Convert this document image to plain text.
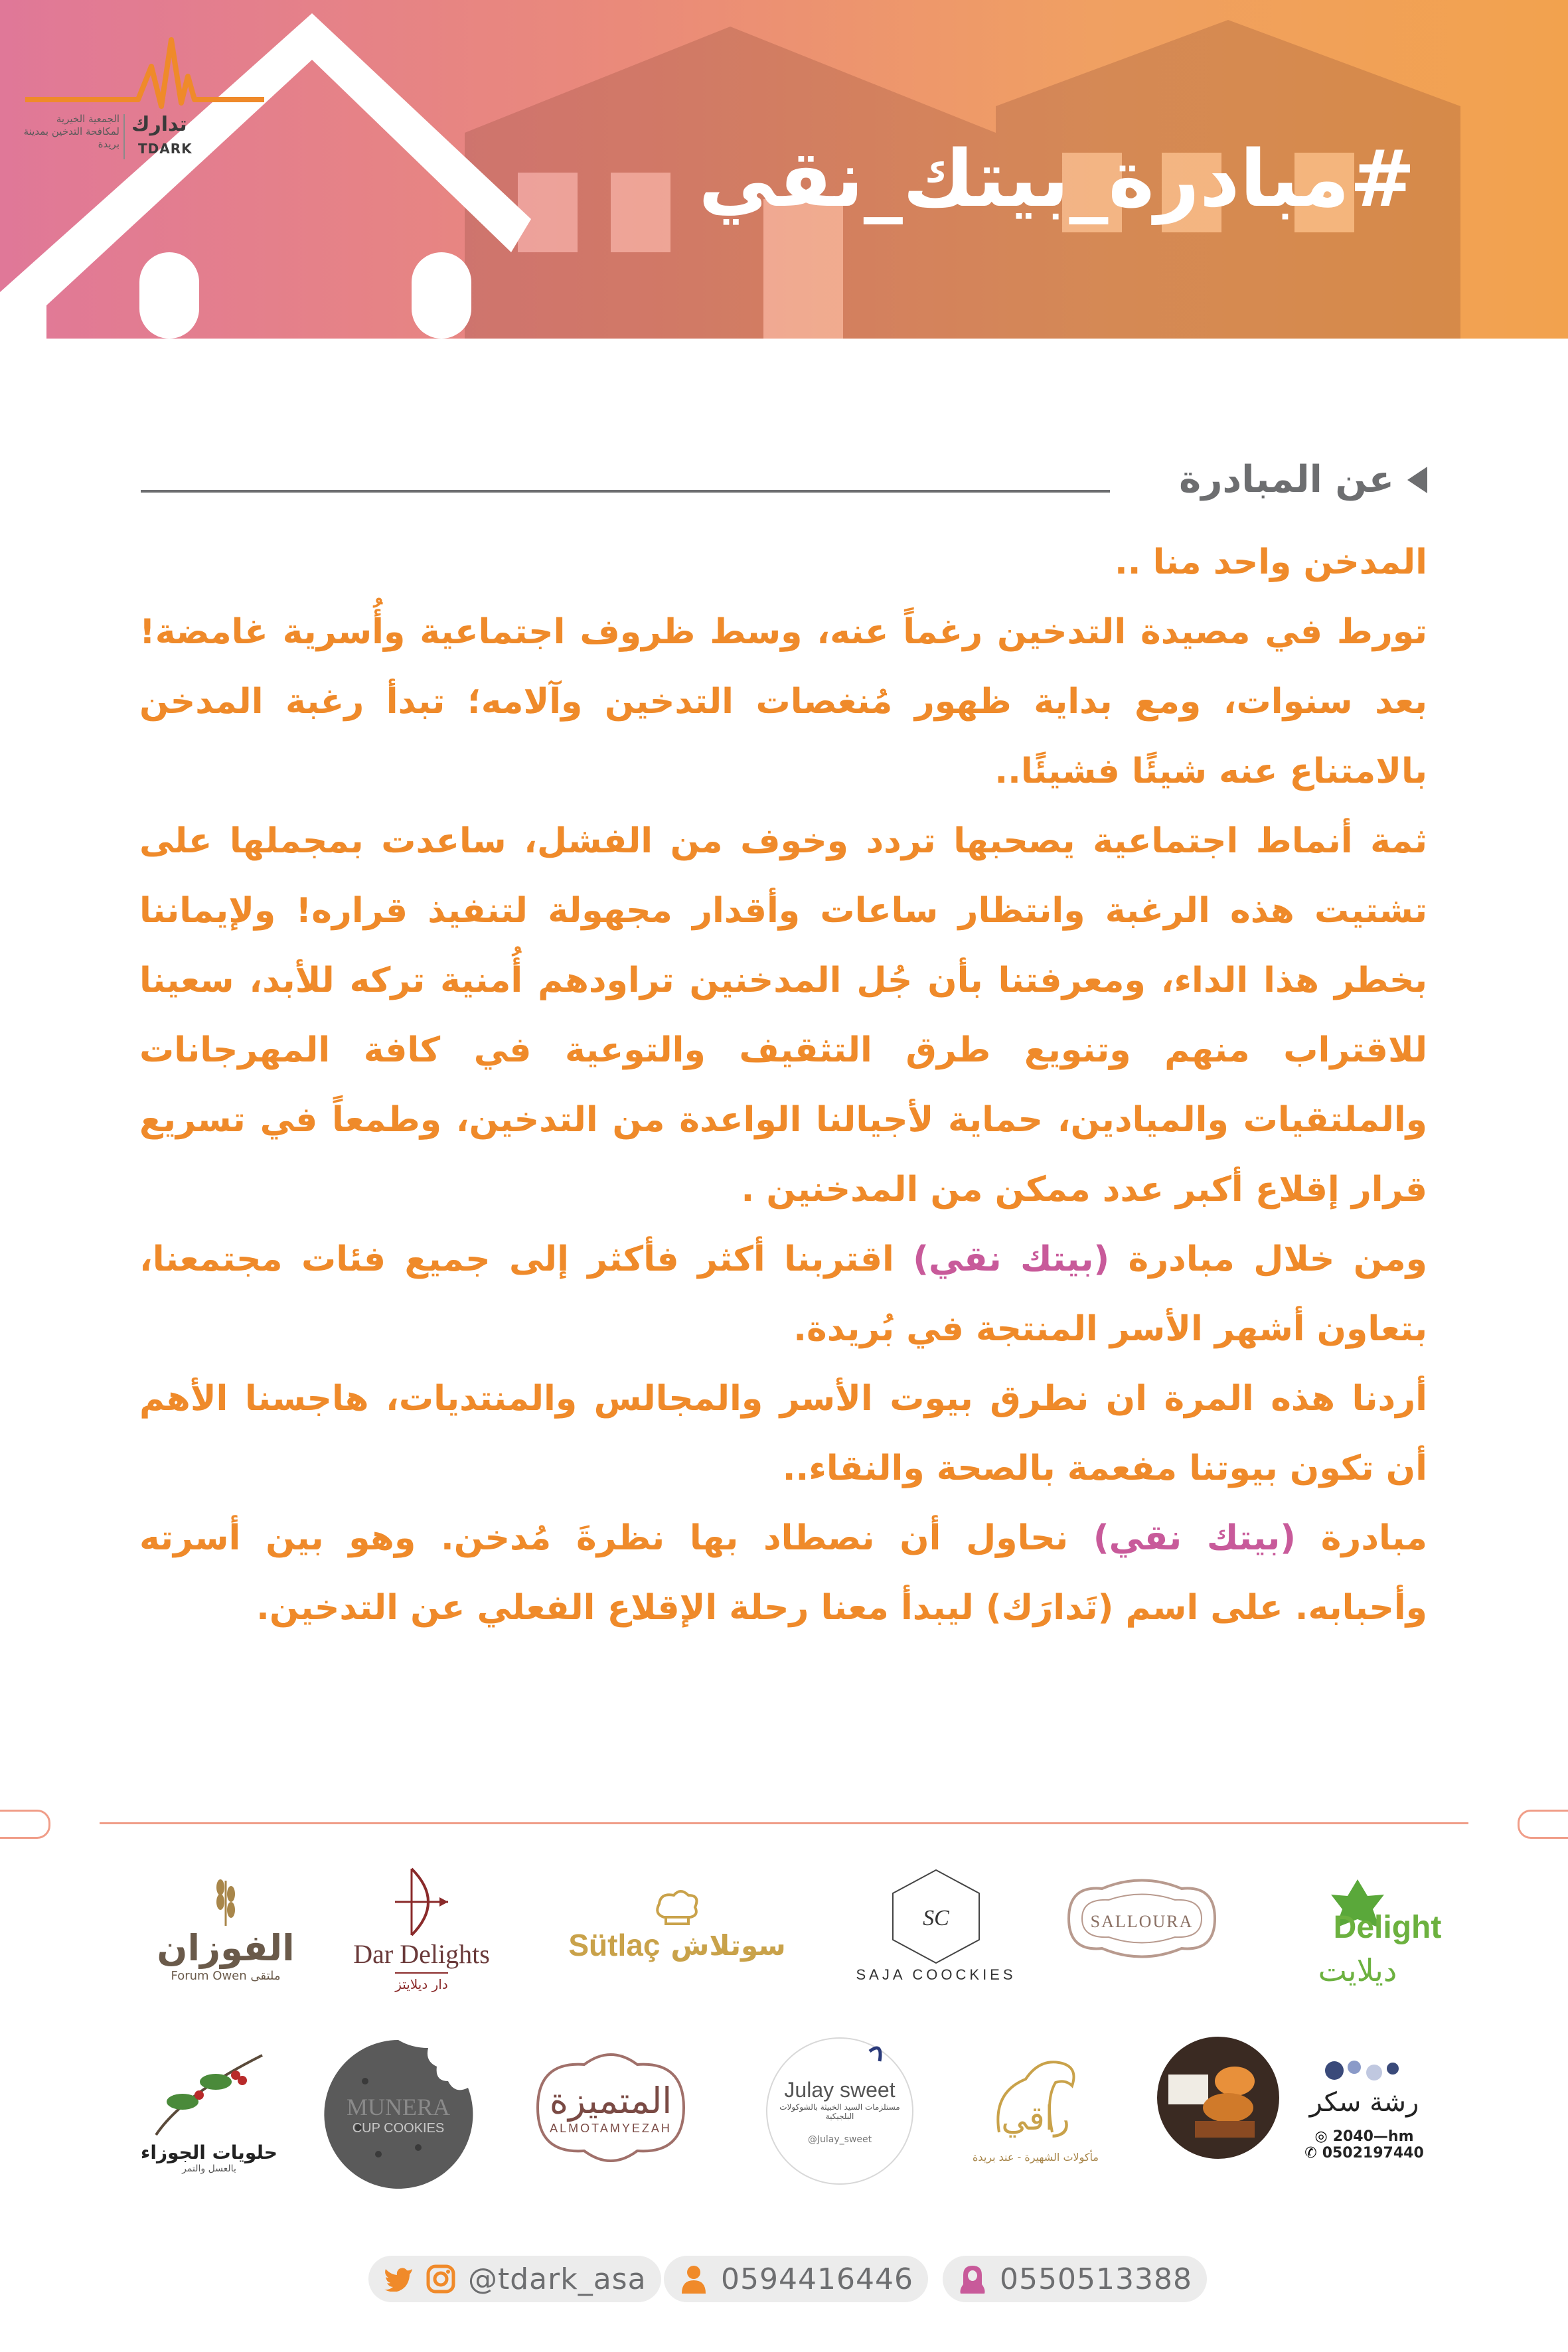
#مبادرة_بيتك_نقي
تدارك
TDARK
الجمعية الخيرية لمكافحة التدخين بمدينة بريدة
عن المبادرة

المدخن واحد منا ..

تورط في مصيدة التدخين رغماً عنه، وسط ظروف اجتماعية وأُسرية غامضة! بعد سنوات، ومع بداية ظهور مُنغصات التدخين وآلامه؛ تبدأ رغبة المدخن بالامتناع عنه شيئًا فشيئًا..

ثمة أنماط اجتماعية يصحبها تردد وخوف من الفشل، ساعدت بمجملها على تشتيت هذه الرغبة وانتظار ساعات وأقدار مجهولة لتنفيذ قراره! ولإيماننا بخطر هذا الداء، ومعرفتنا بأن جُل المدخنين تراودهم أُمنية تركه للأبد، سعينا للاقتراب منهم وتنويع طرق التثقيف والتوعية في كافة المهرجانات والملتقيات والميادين، حماية لأجيالنا الواعدة من التدخين، وطمعاً في تسريع قرار إقلاع أكبر عدد ممكن من المدخنين .

ومن خلال مبادرة (بيتك نقي) اقتربنا أكثر فأكثر إلى جميع فئات مجتمعنا، بتعاون أشهر الأسر المنتجة في بُريدة.

أردنا هذه المرة ان نطرق بيوت الأسر والمجالس والمنتديات، هاجسنا الأهم أن تكون بيوتنا مفعمة بالصحة والنقاء..

مبادرة (بيتك نقي) نحاول أن نصطاد بها نظرةَ مُدخن. وهو بين أسرته وأحبابه. على اسم (تَدارَك) ليبدأ معنا رحلة الإقلاع الفعلي عن التدخين.

Delight
ديلايت
SALLOURA
SC
SAJA COOCKIES
سوتلاش
Sütlaç
Dar Delights
دار ديلايتز
الفوزان
ملتقى Forum Owen
رشة سكر
◎ 2040—hm
✆ 0502197440
راقي
مأكولات الشهيرة - عند بريدة
Julay sweet
مستلزمات السيد الخبيثة بالشوكولات البلجيكية
@Julay_sweet
المتميزة
ALMOTAMYEZAH
MUNERA
CUP COOKIES
حلويات الجوزاء
بالعسل والتمر
@tdark_asa	0594416446	0550513388
